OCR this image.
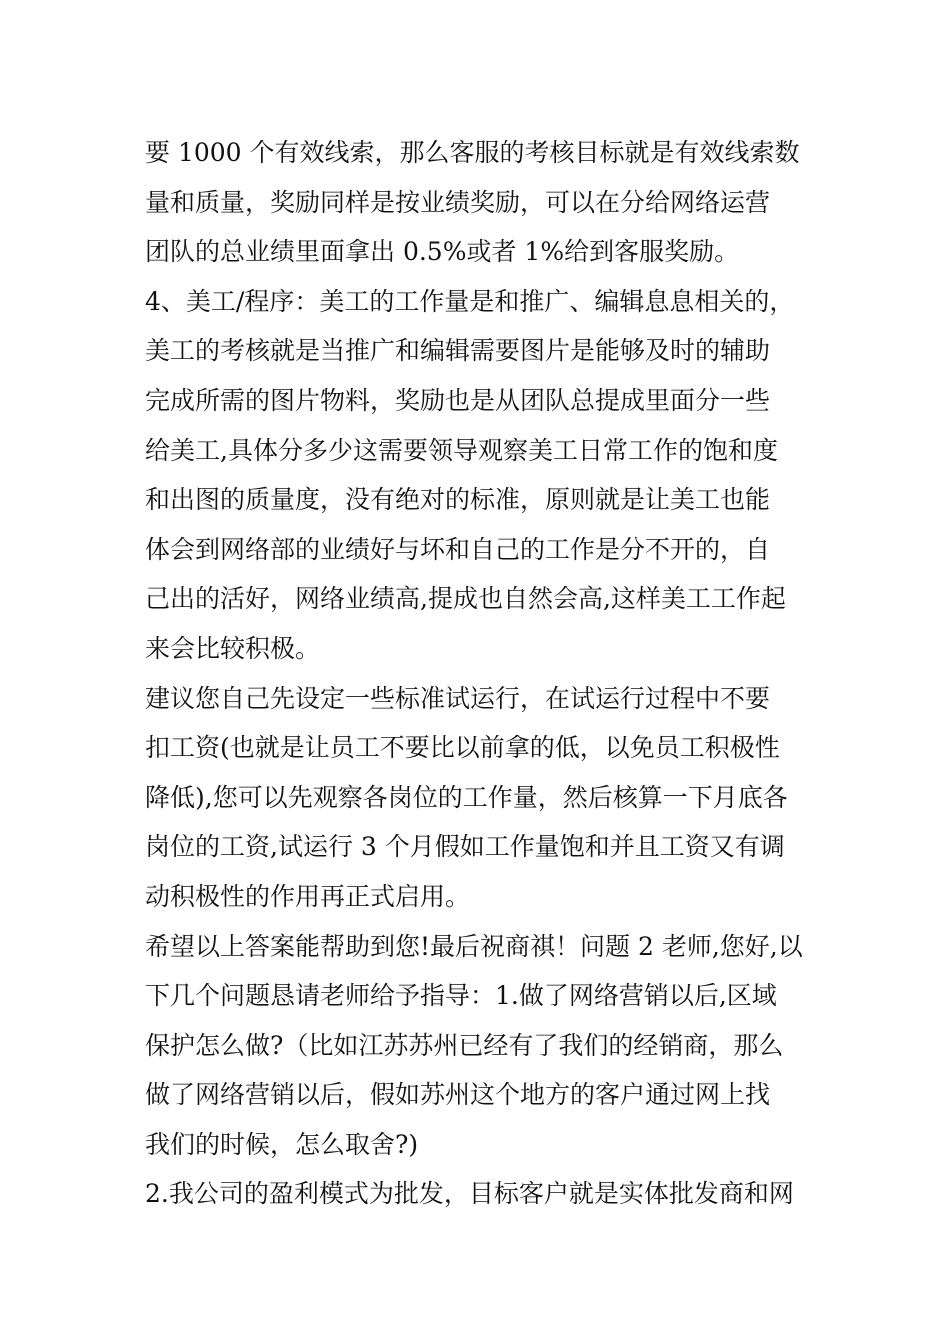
要 1000 个有效线索，那么客服的考核目标就是有效线索数
量和质量，奖励同样是按业绩奖励，可以在分给网络运营
团队的总业绩里面拿出 0.5%或者 1%给到客服奖励。
4、美工/程序：美工的工作量是和推广、编辑息息相关的，
美工的考核就是当推广和编辑需要图片是能够及时的辅助
完成所需的图片物料，奖励也是从团队总提成里面分一些
给美工,具体分多少这需要领导观察美工日常工作的饱和度
和出图的质量度，没有绝对的标准，原则就是让美工也能
体会到网络部的业绩好与坏和自己的工作是分不开的，自
己出的活好，网络业绩高,提成也自然会高,这样美工工作起
来会比较积极。
建议您自己先设定一些标准试运行，在试运行过程中不要
扣工资(也就是让员工不要比以前拿的低，以免员工积极性
降低),您可以先观察各岗位的工作量，然后核算一下月底各
岗位的工资,试运行 3 个月假如工作量饱和并且工资又有调
动积极性的作用再正式启用。
希望以上答案能帮助到您!最后祝商祺！问题 2 老师,您好,以
下几个问题恳请老师给予指导：1.做了网络营销以后,区域
保护怎么做?（比如江苏苏州已经有了我们的经销商，那么
做了网络营销以后，假如苏州这个地方的客户通过网上找
我们的时候，怎么取舍?)
2.我公司的盈利模式为批发，目标客户就是实体批发商和网
